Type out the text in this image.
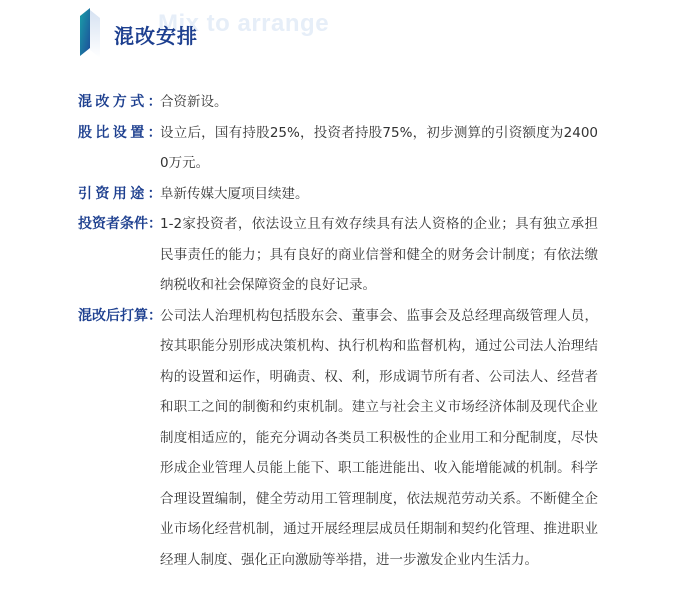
Mix to arrange
混改安排
混改方式：
合资新设。
股比设置：
设立后，国有持股25%，投资者持股75%，初步测算的引资额度为24000万元。
引资用途：
阜新传媒大厦项目续建。
投资者条件：
1-2家投资者，依法设立且有效存续具有法人资格的企业；具有独立承担民事责任的能力；具有良好的商业信誉和健全的财务会计制度；有依法缴纳税收和社会保障资金的良好记录。
混改后打算：
公司法人治理机构包括股东会、董事会、监事会及总经理高级管理人员，按其职能分别形成决策机构、执行机构和监督机构，通过公司法人治理结构的设置和运作，明确责、权、利，形成调节所有者、公司法人、经营者和职工之间的制衡和约束机制。建立与社会主义市场经济体制及现代企业制度相适应的，能充分调动各类员工积极性的企业用工和分配制度，尽快形成企业管理人员能上能下、职工能进能出、收入能增能减的机制。科学合理设置编制，健全劳动用工管理制度，依法规范劳动关系。不断健全企业市场化经营机制，通过开展经理层成员任期制和契约化管理、推进职业经理人制度、强化正向激励等举措，进一步激发企业内生活力。
